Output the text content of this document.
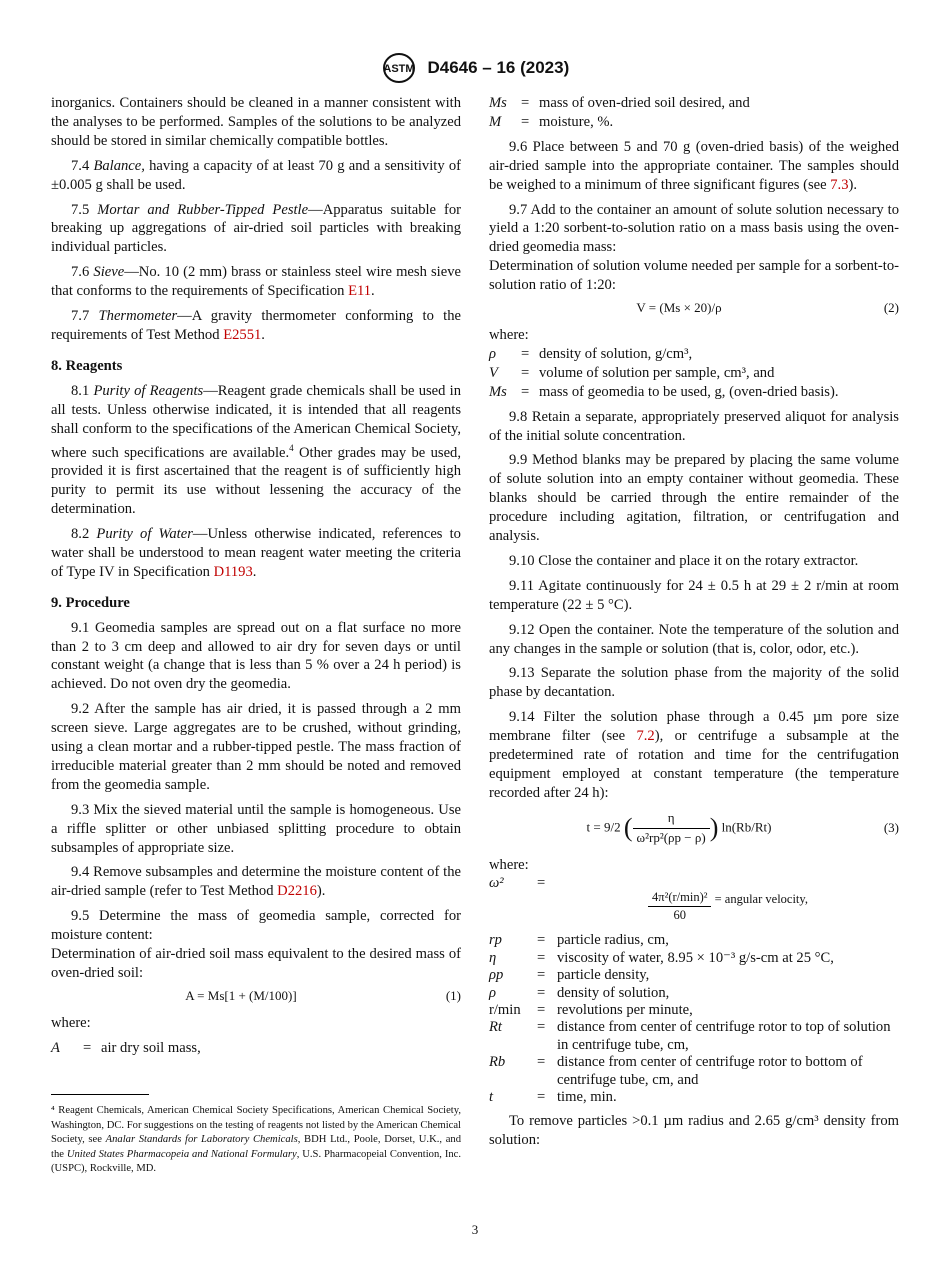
ASTM D4646 – 16 (2023)

inorganics. Containers should be cleaned in a manner consistent with the analyses to be performed. Samples of the solutions to be analyzed should be stored in similar chemically compatible bottles.

7.4 Balance, having a capacity of at least 70 g and a sensitivity of ±0.005 g shall be used.

7.5 Mortar and Rubber-Tipped Pestle—Apparatus suitable for breaking up aggregations of air-dried soil particles with breaking individual particles.

7.6 Sieve—No. 10 (2 mm) brass or stainless steel wire mesh sieve that conforms to the requirements of Specification E11.

7.7 Thermometer—A gravity thermometer conforming to the requirements of Test Method E2551.

8. Reagents

8.1 Purity of Reagents—Reagent grade chemicals shall be used in all tests. Unless otherwise indicated, it is intended that all reagents shall conform to the specifications of the American Chemical Society, where such specifications are available.$^4$ Other grades may be used, provided it is first ascertained that the reagent is of sufficiently high purity to permit its use without lessening the accuracy of the determination.

8.2 Purity of Water—Unless otherwise indicated, references to water shall be understood to mean reagent water meeting the criteria of Type IV in Specification D1193.

9. Procedure

9.1 Geomedia samples are spread out on a flat surface no more than 2 to 3 cm deep and allowed to air dry for seven days or until constant weight (a change that is less than 5 % over a 24 h period) is achieved. Do not oven dry the geomedia.

9.2 After the sample has air dried, it is passed through a 2 mm screen sieve. Large aggregates are to be crushed, without grinding, using a clean mortar and a rubber-tipped pestle. The mass fraction of irreducible material greater than 2 mm should be noted and removed from the geomedia sample.

9.3 Mix the sieved material until the sample is homogeneous. Use a riffle splitter or other unbiased splitting procedure to obtain subsamples of appropriate size.

9.4 Remove subsamples and determine the moisture content of the air-dried sample (refer to Test Method D2216).

9.5 Determine the mass of geomedia sample, corrected for moisture content:

Determination of air-dried soil mass equivalent to the desired mass of oven-dried soil:

A = Ms[1 + (M/100)]	(1)

where:

A	= air dry soil mass,
⁴ Reagent Chemicals, American Chemical Society Specifications, American Chemical Society, Washington, DC. For suggestions on the testing of reagents not listed by the American Chemical Society, see Analar Standards for Laboratory Chemicals, BDH Ltd., Poole, Dorset, U.K., and the United States Pharmacopeia and National Formulary, U.S. Pharmacopeial Convention, Inc. (USPC), Rockville, MD.
Ms = mass of oven-dried soil desired, and
M	= moisture, %.

9.6 Place between 5 and 70 g (oven-dried basis) of the weighed air-dried sample into the appropriate container. The samples should be weighed to a minimum of three significant figures (see 7.3).

9.7 Add to the container an amount of solute solution necessary to yield a 1:20 sorbent-to-solution ratio on a mass basis using the oven-dried geomedia mass:

Determination of solution volume needed per sample for a sorbent-to-solution ratio of 1:20:

V = (Ms × 20)/ρ	(2)

where:

ρ	= density of solution, g/cm³,
V	= volume of solution per sample, cm³, and
Ms = mass of geomedia to be used, g, (oven-dried basis).

9.8 Retain a separate, appropriately preserved aliquot for analysis of the initial solute concentration.

9.9 Method blanks may be prepared by placing the same volume of solute solution into an empty container without geomedia. These blanks should be carried through the entire remainder of the procedure including agitation, filtration, or centrifugation and analysis.

9.10 Close the container and place it on the rotary extractor.

9.11 Agitate continuously for 24 ± 0.5 h at 29 ± 2 r/min at room temperature (22 ± 5 °C).

9.12 Open the container. Note the temperature of the solution and any changes in the sample or solution (that is, color, odor, etc.).

9.13 Separate the solution phase from the majority of the solid phase by decantation.

9.14 Filter the solution phase through a 0.45 µm pore size membrane filter (see 7.2), or centrifuge a subsample at the predetermined rate of rotation and time for the centrifugation equipment employed at constant temperature (the temperature recorded after 24 h):

t = 9/2 ( $\frac{\eta}{\text{ω²rp²(ρp − ρ)}}$ ) ln(Rb/Rt)	(3)

where:

ω²	=
$\frac{\text{4π²(r/min)²}}{60}$ = angular velocity,
rp	= particle radius, cm,
η	= viscosity of water, 8.95 × 10⁻³ g/s-cm at 25 °C,
ρp	= particle density,
ρ	= density of solution,
r/min	= revolutions per minute,
Rt	= distance from center of centrifuge rotor to top of solution in centrifuge tube, cm,
Rb	= distance from center of centrifuge rotor to bottom of centrifuge tube, cm, and
t	= time, min.

To remove particles >0.1 µm radius and 2.65 g/cm³ density from solution:

3
